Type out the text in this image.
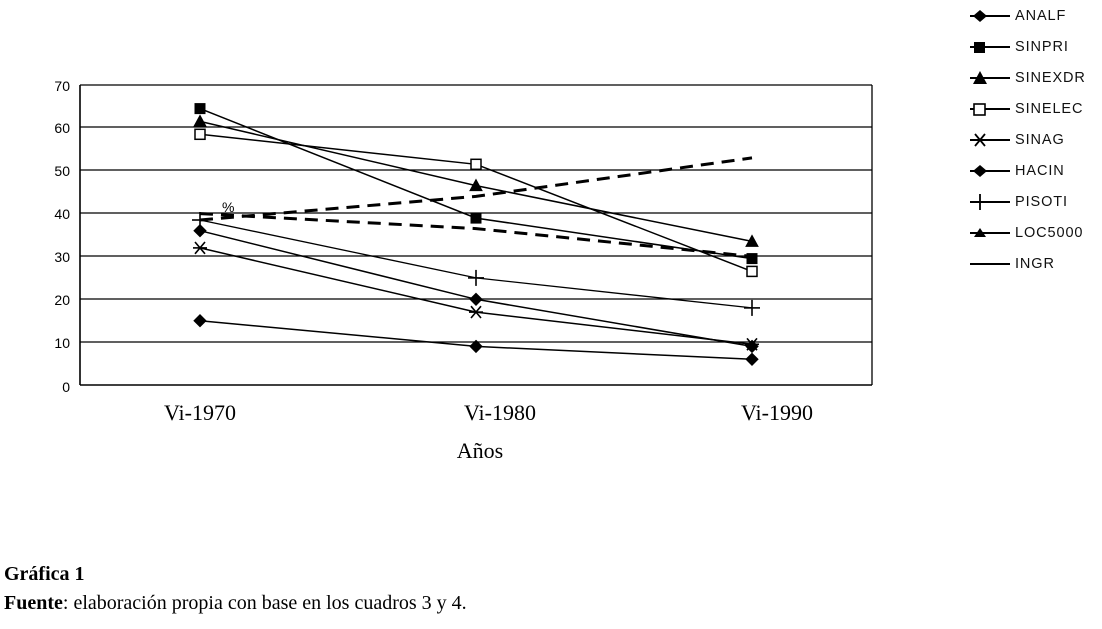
70
60
50
40
30
20
10
0
%
Vi-1970	Vi-1980	Vi-1990
Años
ANALF
SINPRI
SINEXDR
SINELEC
SINAG
HACIN
PISOTI
LOC5000
INGR
Gráfica 1
Fuente: elaboración propia con base en los cuadros 3 y 4.
